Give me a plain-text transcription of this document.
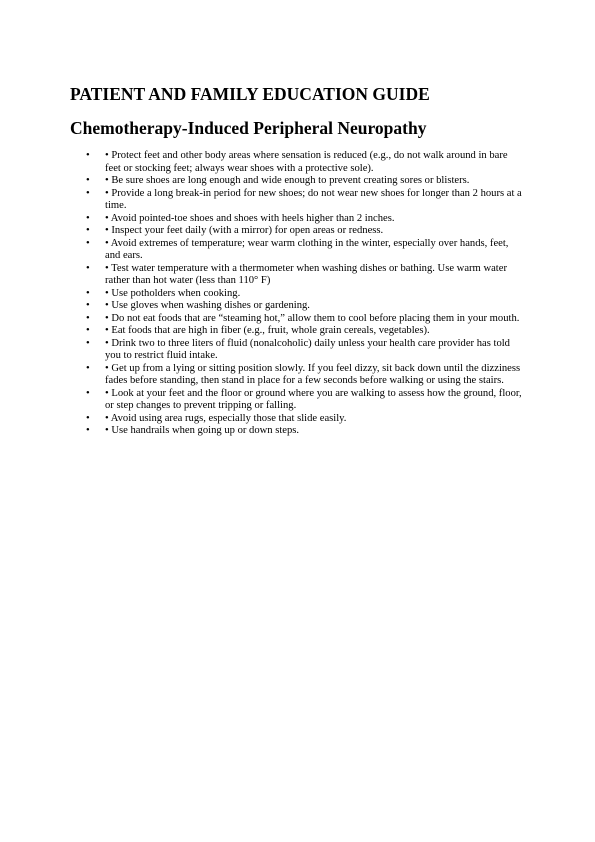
PATIENT AND FAMILY EDUCATION GUIDE
Chemotherapy-Induced Peripheral Neuropathy
• • Protect feet and other body areas where sensation is reduced (e.g., do not walk around in bare feet or stocking feet; always wear shoes with a protective sole).
• • Be sure shoes are long enough and wide enough to prevent creating sores or blisters.
• • Provide a long break-in period for new shoes; do not wear new shoes for longer than 2 hours at a time.
• • Avoid pointed-toe shoes and shoes with heels higher than 2 inches.
• • Inspect your feet daily (with a mirror) for open areas or redness.
• • Avoid extremes of temperature; wear warm clothing in the winter, especially over hands, feet, and ears.
• • Test water temperature with a thermometer when washing dishes or bathing. Use warm water rather than hot water (less than 110° F)
• • Use potholders when cooking.
• • Use gloves when washing dishes or gardening.
• • Do not eat foods that are “steaming hot,” allow them to cool before placing them in your mouth.
• • Eat foods that are high in fiber (e.g., fruit, whole grain cereals, vegetables).
• • Drink two to three liters of fluid (nonalcoholic) daily unless your health care provider has told you to restrict fluid intake.
• • Get up from a lying or sitting position slowly. If you feel dizzy, sit back down until the dizziness fades before standing, then stand in place for a few seconds before walking or using the stairs.
• • Look at your feet and the floor or ground where you are walking to assess how the ground, floor, or step changes to prevent tripping or falling.
• • Avoid using area rugs, especially those that slide easily.
• • Use handrails when going up or down steps.
